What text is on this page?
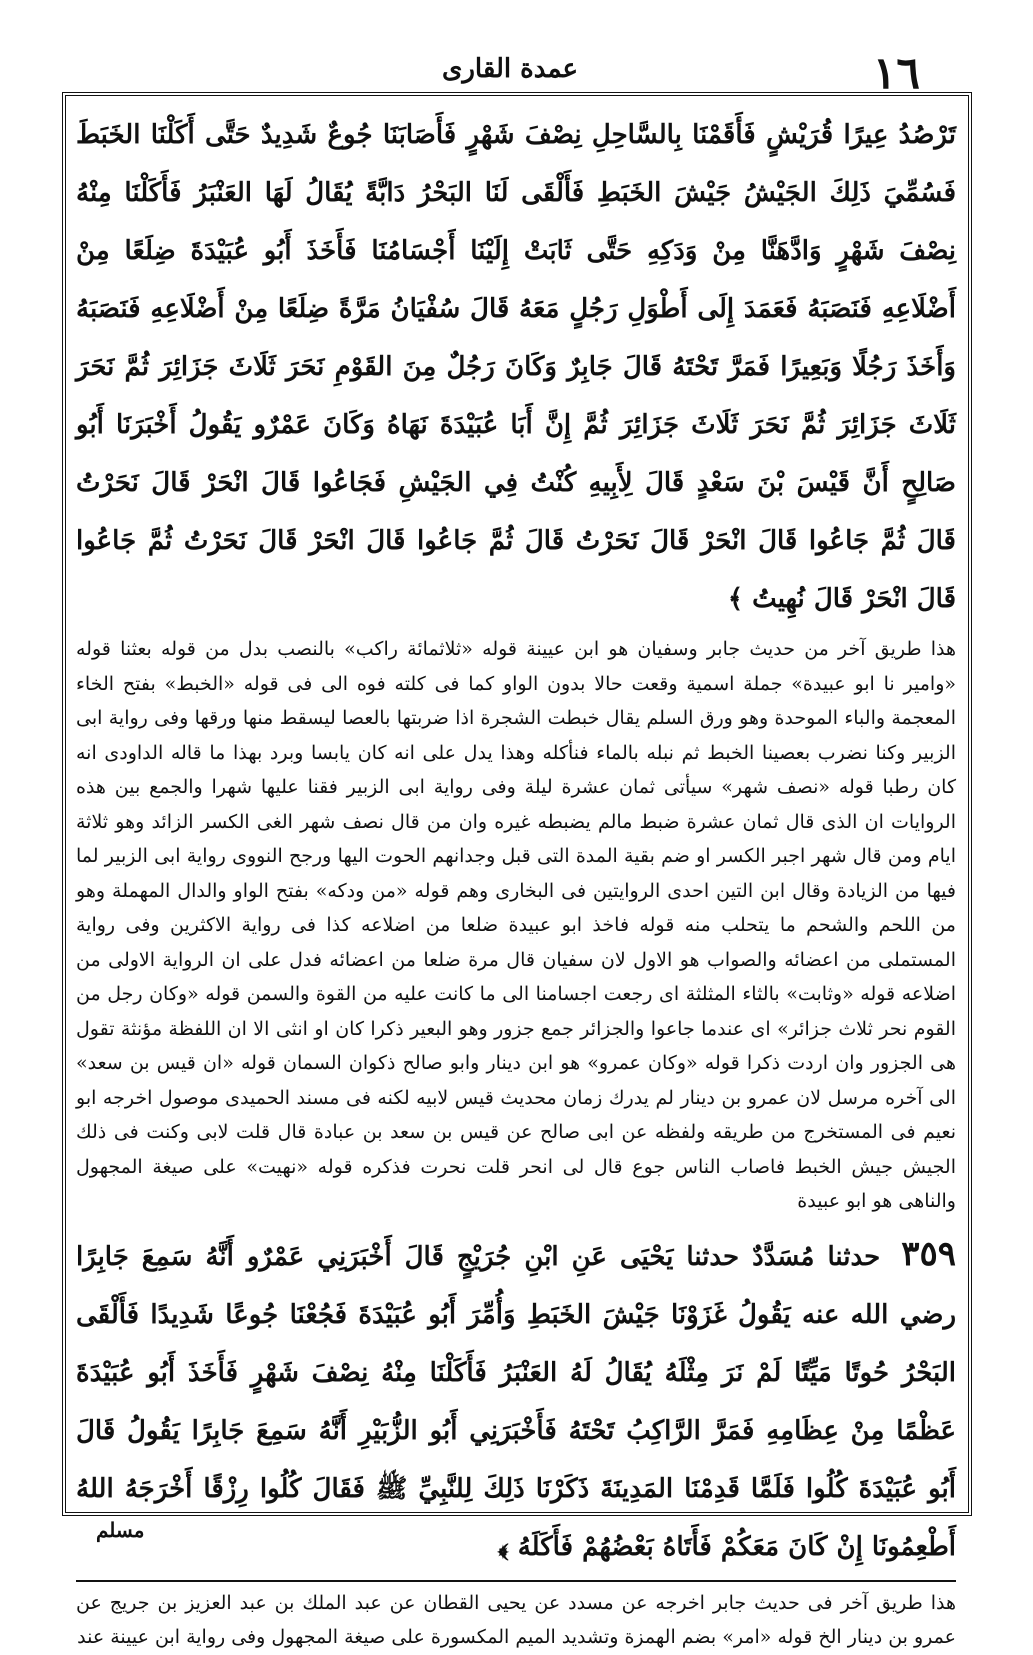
١٦
عمدة القارى

تَرْصُدُ عِيرًا قُرَيْشٍ فَأَقَمْنَا بِالسَّاحِلِ نِصْفَ شَهْرٍ فَأَصَابَنَا جُوعٌ شَدِيدٌ حَتَّى أَكَلْنَا الخَبَطَ فَسُمِّيَ ذَلِكَ الجَيْشُ جَيْشَ الخَبَطِ فَأَلْقَى لَنَا البَحْرُ دَابَّةً يُقَالُ لَهَا العَنْبَرُ فَأَكَلْنَا مِنْهُ نِصْفَ شَهْرٍ وَادَّهَنَّا مِنْ وَدَكِهِ حَتَّى ثَابَتْ إِلَيْنَا أَجْسَامُنَا فَأَخَذَ أَبُو عُبَيْدَةَ ضِلَعًا مِنْ أَضْلَاعِهِ فَنَصَبَهُ فَعَمَدَ إِلَى أَطْوَلِ رَجُلٍ مَعَهُ قَالَ سُفْيَانُ مَرَّةً ضِلَعًا مِنْ أَضْلَاعِهِ فَنَصَبَهُ وَأَخَذَ رَجُلًا وَبَعِيرًا فَمَرَّ تَحْتَهُ قَالَ جَابِرٌ وَكَانَ رَجُلٌ مِنَ القَوْمِ نَحَرَ ثَلَاثَ جَزَائِرَ ثُمَّ نَحَرَ ثَلَاثَ جَزَائِرَ ثُمَّ نَحَرَ ثَلَاثَ جَزَائِرَ ثُمَّ إِنَّ أَبَا عُبَيْدَةَ نَهَاهُ وَكَانَ عَمْرٌو يَقُولُ أَخْبَرَنَا أَبُو صَالِحٍ أَنَّ قَيْسَ بْنَ سَعْدٍ قَالَ لِأَبِيهِ كُنْتُ فِي الجَيْشِ فَجَاعُوا قَالَ انْحَرْ قَالَ نَحَرْتُ قَالَ ثُمَّ جَاعُوا قَالَ انْحَرْ قَالَ نَحَرْتُ قَالَ ثُمَّ جَاعُوا قَالَ انْحَرْ قَالَ نَحَرْتُ ثُمَّ جَاعُوا قَالَ انْحَرْ قَالَ نُهِيتُ ﴾

هذا طريق آخر من حديث جابر وسفيان هو ابن عيينة قوله «ثلاثمائة راكب» بالنصب بدل من قوله بعثنا قوله «وامير نا ابو عبيدة» جملة اسمية وقعت حالا بدون الواو كما فى كلته فوه الى فى قوله «الخبط» بفتح الخاء المعجمة والباء الموحدة وهو ورق السلم يقال خبطت الشجرة اذا ضربتها بالعصا ليسقط منها ورقها وفى رواية ابى الزبير وكنا نضرب بعصينا الخبط ثم نبله بالماء فنأكله وهذا يدل على انه كان يابسا وبرد بهذا ما قاله الداودى انه كان رطبا قوله «نصف شهر» سيأتى ثمان عشرة ليلة وفى رواية ابى الزبير فقنا عليها شهرا والجمع بين هذه الروايات ان الذى قال ثمان عشرة ضبط مالم يضبطه غيره وان من قال نصف شهر الغى الكسر الزائد وهو ثلاثة ايام ومن قال شهر اجبر الكسر او ضم بقية المدة التى قبل وجدانهم الحوت اليها ورجح النووى رواية ابى الزبير لما فيها من الزيادة وقال ابن التين احدى الروايتين فى البخارى وهم قوله «من ودكه» بفتح الواو والدال المهملة وهو من اللحم والشحم ما يتحلب منه قوله فاخذ ابو عبيدة ضلعا من اضلاعه كذا فى رواية الاكثرين وفى رواية المستملى من اعضائه والصواب هو الاول لان سفيان قال مرة ضلعا من اعضائه فدل على ان الرواية الاولى من اضلاعه قوله «وثابت» بالثاء المثلثة اى رجعت اجسامنا الى ما كانت عليه من القوة والسمن قوله «وكان رجل من القوم نحر ثلاث جزائر» اى عندما جاعوا والجزائر جمع جزور وهو البعير ذكرا كان او انثى الا ان اللفظة مؤنثة تقول هى الجزور وان اردت ذكرا قوله «وكان عمرو» هو ابن دينار وابو صالح ذكوان السمان قوله «ان قيس بن سعد» الى آخره مرسل لان عمرو بن دينار لم يدرك زمان محديث قيس لابيه لكنه فى مسند الحميدى موصول اخرجه ابو نعيم فى المستخرج من طريقه ولفظه عن ابى صالح عن قيس بن سعد بن عبادة قال قلت لابى وكنت فى ذلك الجيش جيش الخبط فاصاب الناس جوع قال لى انحر قلت نحرت فذكره قوله «نهيت» على صيغة المجهول والناهى هو ابو عبيدة

٣٥٩ حدثنا مُسَدَّدٌ حدثنا يَحْيَى عَنِ ابْنِ جُرَيْجٍ قَالَ أَخْبَرَنِي عَمْرٌو أَنَّهُ سَمِعَ جَابِرًا رضي الله عنه يَقُولُ غَزَوْنَا جَيْشَ الخَبَطِ وَأُمِّرَ أَبُو عُبَيْدَةَ فَجُعْنَا جُوعًا شَدِيدًا فَأَلْقَى البَحْرُ حُوتًا مَيِّتًا لَمْ نَرَ مِثْلَهُ يُقَالُ لَهُ العَنْبَرُ فَأَكَلْنَا مِنْهُ نِصْفَ شَهْرٍ فَأَخَذَ أَبُو عُبَيْدَةَ عَظْمًا مِنْ عِظَامِهِ فَمَرَّ الرَّاكِبُ تَحْتَهُ فَأَخْبَرَنِي أَبُو الزُّبَيْرِ أَنَّهُ سَمِعَ جَابِرًا يَقُولُ قَالَ أَبُو عُبَيْدَةَ كُلُوا فَلَمَّا قَدِمْنَا المَدِينَةَ ذَكَرْنَا ذَلِكَ لِلنَّبِيِّ ﷺ فَقَالَ كُلُوا رِزْقًا أَخْرَجَهُ اللهُ أَطْعِمُونَا إِنْ كَانَ مَعَكُمْ فَأَتَاهُ بَعْضُهُمْ فَأَكَلَهُ ﴾

هذا طريق آخر فى حديث جابر اخرجه عن مسدد عن يحيى القطان عن عبد الملك بن عبد العزيز بن جريج عن عمرو بن دينار الخ قوله «امر» بضم الهمزة وتشديد الميم المكسورة على صيغة المجهول وفى رواية ابن عيينة عند

مسلم
